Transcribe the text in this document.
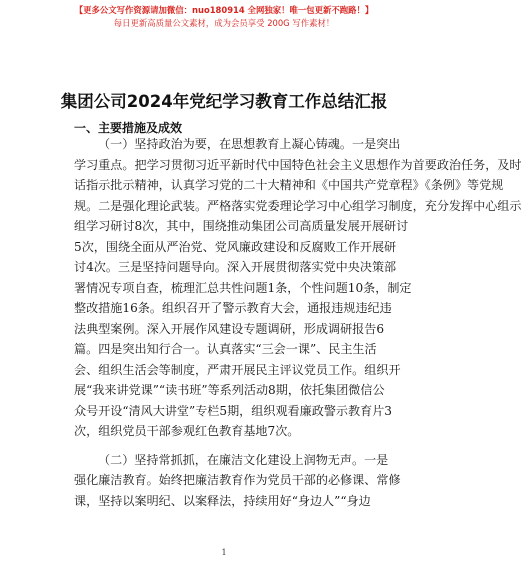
【更多公文写作资源请加微信：nuo180914 全网独家！唯一包更新不跑路！】
每日更新高质量公文素材，成为会员享受 200G 写作素材！
集团公司2024年党纪学习教育工作总结汇报
一、主要措施及成效
（一）坚持政治为要，在思想教育上凝心铸魂。一是突出
学习重点。把学习贯彻习近平新时代中国特色社会主义思想作为首要政治任务，及时
话指示批示精神，认真学习党的二十大精神和《中国共产党章程》《条例》等党规
规。二是强化理论武装。严格落实党委理论学习中心组学习制度，充分发挥中心组示
组学习研讨8次，其中，围绕推动集团公司高质量发展开展研讨
5次，围绕全面从严治党、党风廉政建设和反腐败工作开展研
讨4次。三是坚持问题导向。深入开展贯彻落实党中央决策部
署情况专项自查，梳理汇总共性问题1条，个性问题10条，制定
整改措施16条。组织召开了警示教育大会，通报违规违纪违
法典型案例。深入开展作风建设专题调研，形成调研报告6
篇。四是突出知行合一。认真落实“三会一课”、民主生活
会、组织生活会等制度，严肃开展民主评议党员工作。组织开
展“我来讲党课”“读书班”等系列活动8期，依托集团微信公
众号开设“清风大讲堂”专栏5期，组织观看廉政警示教育片3
次，组织党员干部参观红色教育基地7次。
（二）坚持常抓抓，在廉洁文化建设上润物无声。一是
强化廉洁教育。始终把廉洁教育作为党员干部的必修课、常修
课，坚持以案明纪、以案释法，持续用好“身边人”“身边
1
